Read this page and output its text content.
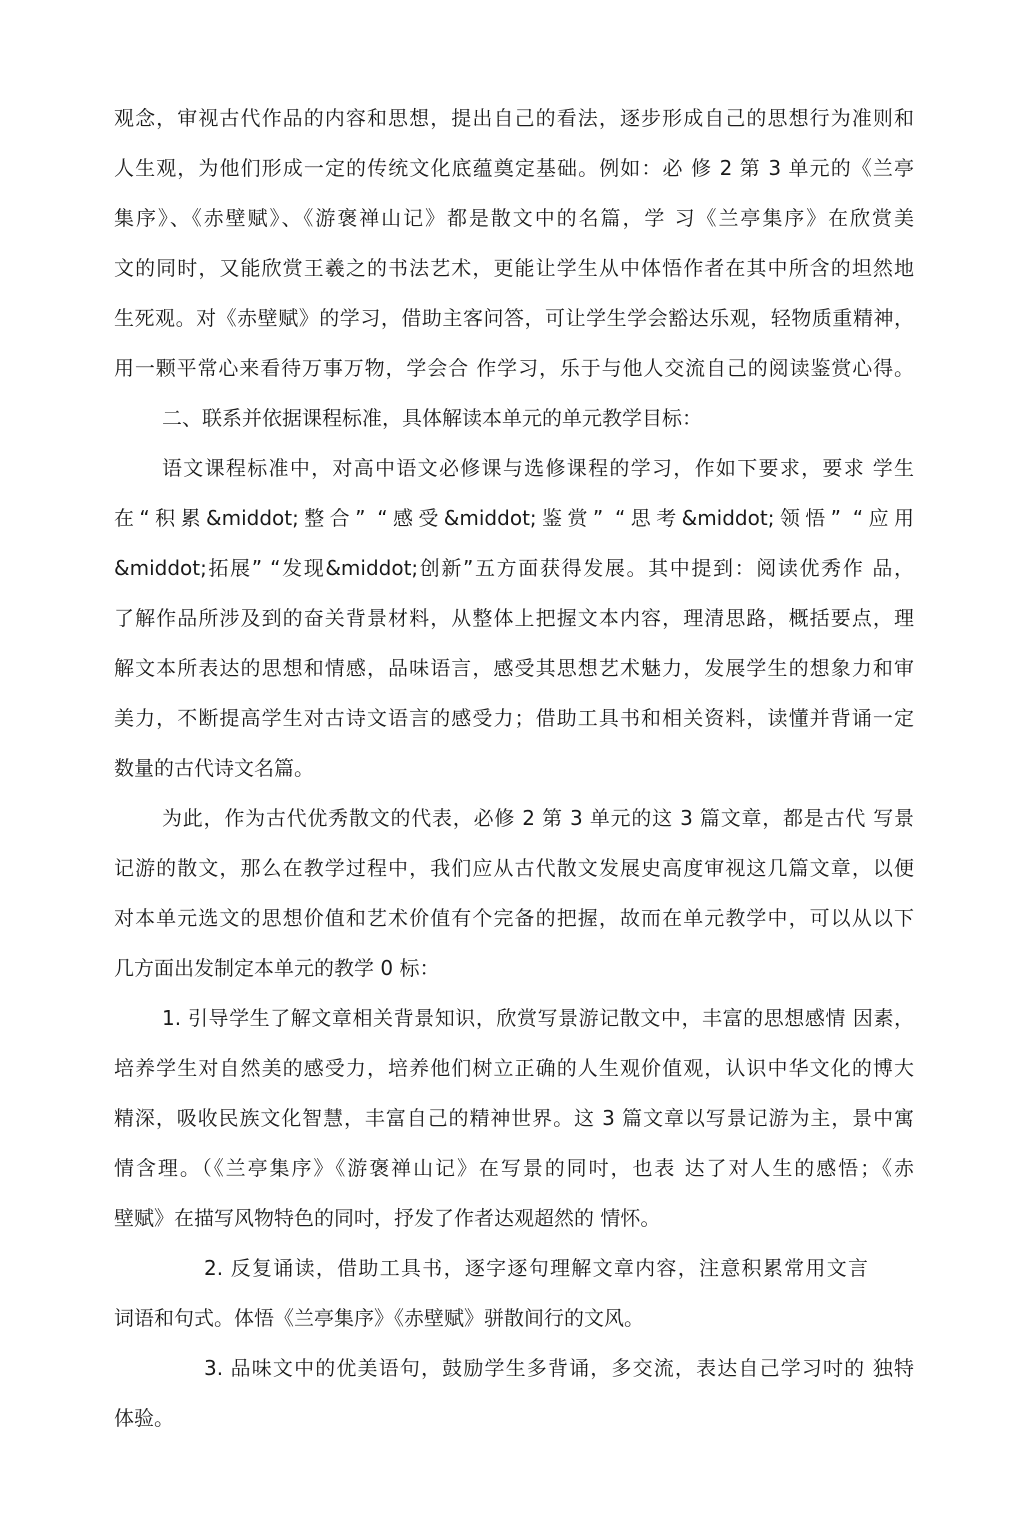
观念，审视古代作品的内容和思想，提出自己的看法，逐步形成自己的思想行为准则和
人生观，为他们形成一定的传统文化底蕴奠定基础。例如：必 修 2 第 3 单元的《兰亭
集序》、《赤壁赋》、《游褒禅山记》都是散文中的名篇，学 习《兰亭集序》在欣赏美
文的同时，又能欣赏王羲之的书法艺术，更能让学生从中体悟作者在其中所含的坦然地
生死观。对《赤壁赋》的学习，借助主客问答，可让学生学会豁达乐观，轻物质重精神，
用一颗平常心来看待万事万物，学会合 作学习，乐于与他人交流自己的阅读鉴赏心得。
二、联系并依据课程标准，具体解读本单元的单元教学目标：
语文课程标准中，对高中语文必修课与选修课程的学习，作如下要求，要求 学生
在“积累&middot;整合” “感受&middot;鉴赏” “思考&middot;领悟” “应用
&middot;拓展” “发现&middot;创新”五方面获得发展。其中提到：阅读优秀作 品，
了解作品所涉及到的奋关背景材料，从整体上把握文本内容，理清思路，概括要点，理
解文本所表达的思想和情感，品味语言，感受其思想艺术魅力，发展学生的想象力和审
美力，不断提高学生对古诗文语言的感受力；借助工具书和相关资料，读懂并背诵一定
数量的古代诗文名篇。
为此，作为古代优秀散文的代表，必修 2 第 3 单元的这 3 篇文章，都是古代 写景
记游的散文，那么在教学过程中，我们应从古代散文发展史高度审视这几篇文章，以便
对本单元选文的思想价值和艺术价值有个完备的把握，故而在单元教学中，可以从以下
几方面出发制定本单元的教学 0 标：
1. 引导学生了解文章相关背景知识，欣赏写景游记散文中，丰富的思想感情 因素，
培养学生对自然美的感受力，培养他们树立正确的人生观价值观，认识中华文化的博大
精深，吸收民族文化智慧，丰富自己的精神世界。这 3 篇文章以写景记游为主，景中寓
情含理。（《兰亭集序》《游褒禅山记》在写景的同吋，也表 达了对人生的感悟；《赤
壁赋》在描写风物特色的同吋，抒发了作者达观超然的 情怀。
2. 反复诵读，借助工具书，逐字逐句理解文章内容，注意积累常用文言
词语和句式。体悟《兰亭集序》《赤壁赋》骈散间行的文风。
3. 品味文中的优美语句，鼓励学生多背诵，多交流，表达自己学习吋的 独特
体验。
